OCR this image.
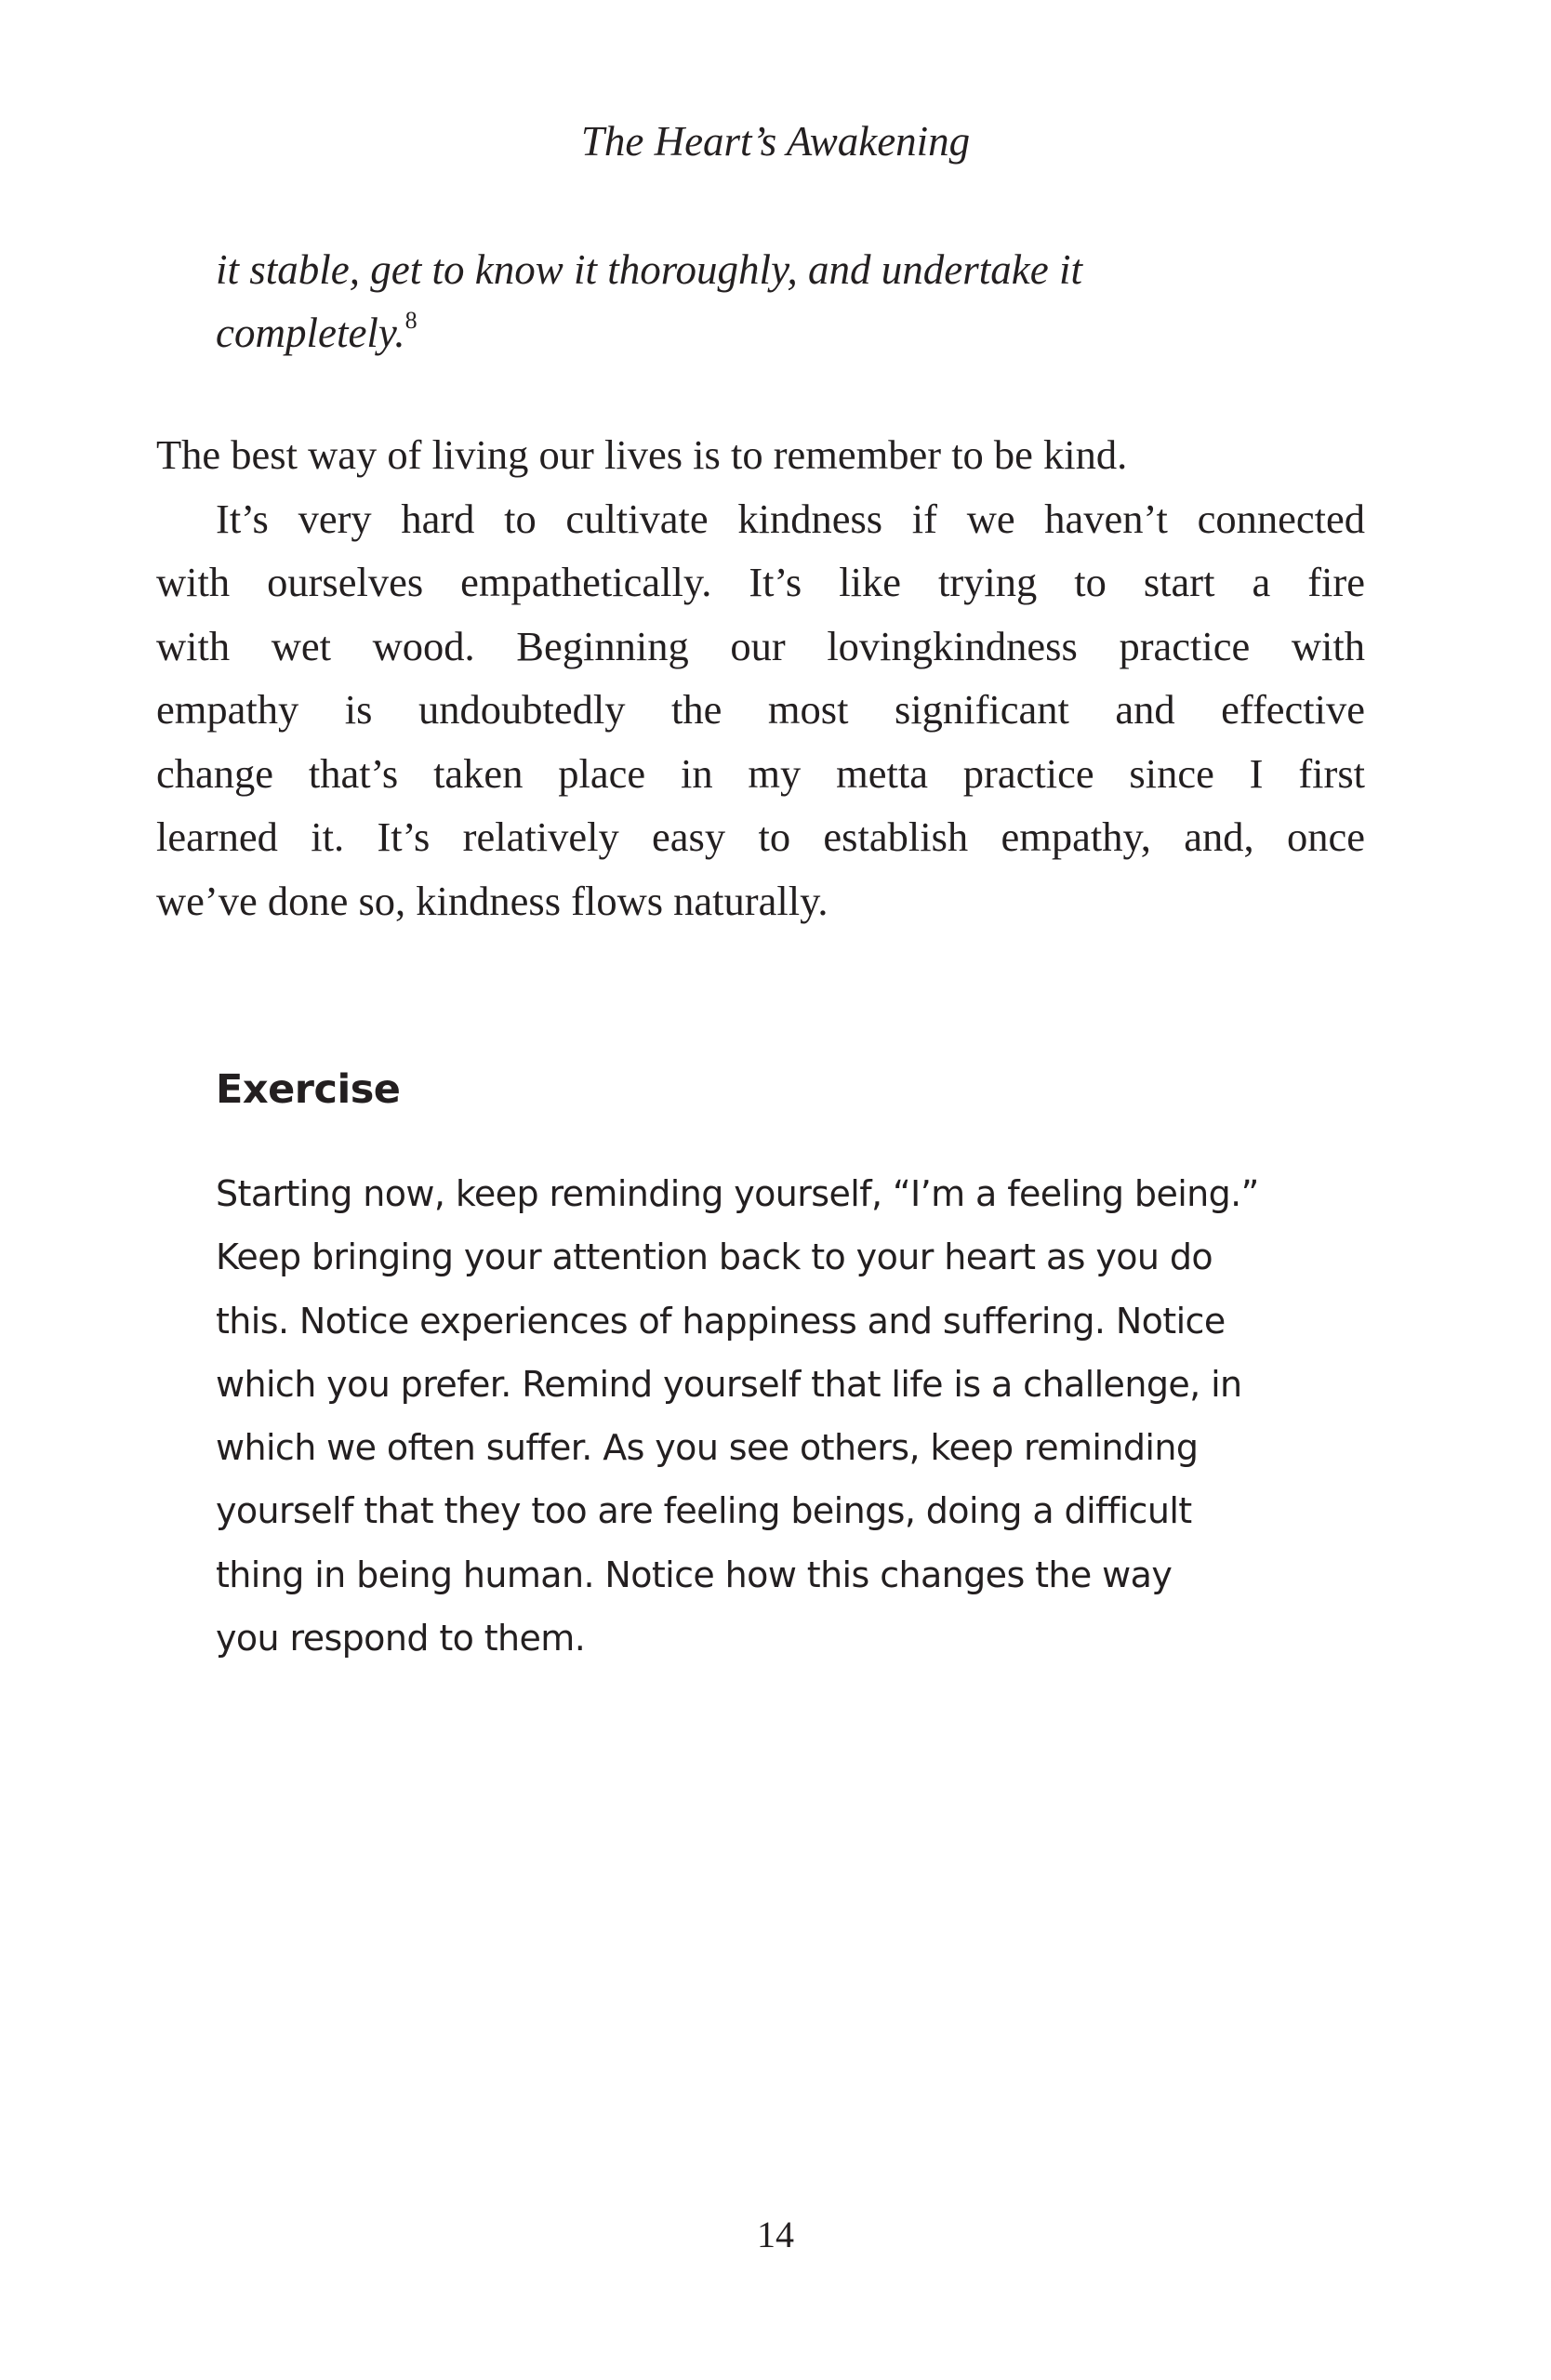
The Heart’s Awakening

it stable, get to know it thoroughly, and undertake it
completely.$^8$

The best way of living our lives is to remember to be kind.
It’s very hard to cultivate kindness if we haven’t connected
with ourselves empathetically. It’s like trying to start a fire
with wet wood. Beginning our lovingkindness practice with
empathy is undoubtedly the most significant and effective
change that’s taken place in my metta practice since I first
learned it. It’s relatively easy to establish empathy, and, once
we’ve done so, kindness flows naturally.

Exercise

Starting now, keep reminding yourself, “I’m a feeling being.”
Keep bringing your attention back to your heart as you do
this. Notice experiences of happiness and suffering. Notice
which you prefer. Remind yourself that life is a challenge, in
which we often suffer. As you see others, keep reminding
yourself that they too are feeling beings, doing a difficult
thing in being human. Notice how this changes the way
you respond to them.

14
